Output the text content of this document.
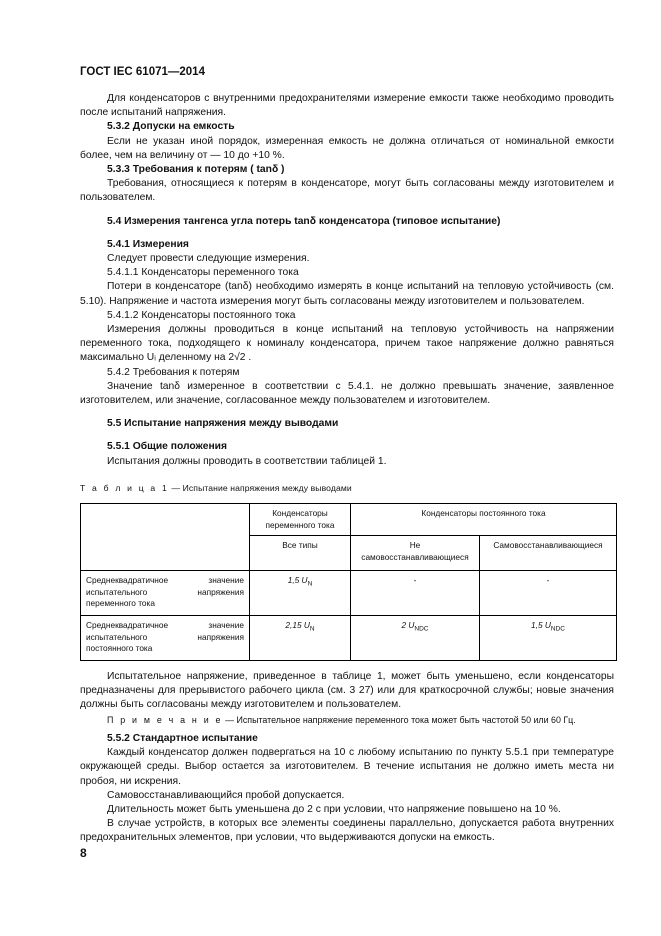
ГОСТ IEC 61071—2014

Для конденсаторов с внутренними предохранителями измерение емкости также необходимо проводить после испытаний напряжения.

5.3.2 Допуски на емкость

Если не указан иной порядок, измеренная емкость не должна отличаться от номинальной емкости более, чем на величину от — 10 до +10 %.

5.3.3 Требования к потерям ( tanδ )

Требования, относящиеся к потерям в конденсаторе, могут быть согласованы между изготовителем и пользователем.

5.4 Измерения тангенса угла потерь tanδ конденсатора (типовое испытание)

5.4.1 Измерения

Следует провести следующие измерения.

5.4.1.1 Конденсаторы переменного тока

Потери в конденсаторе (tanδ) необходимо измерять в конце испытаний на тепловую устойчивость (см. 5.10). Напряжение и частота измерения могут быть согласованы между изготовителем и пользователем.

5.4.1.2 Конденсаторы постоянного тока

Измерения должны проводиться в конце испытаний на тепловую устойчивость на напряжении переменного тока, подходящего к номиналу конденсатора, причем такое напряжение должно равняться максимально Uᵢ деленному на 2√2 .

5.4.2 Требования к потерям

Значение tanδ измеренное в соответствии с 5.4.1. не должно превышать значение, заявленное изготовителем, или значение, согласованное между пользователем и изготовителем.

5.5 Испытание напряжения между выводами

5.5.1 Общие положения

Испытания должны проводить в соответствии таблицей 1.

Т а б л и ц а 1 — Испытание напряжения между выводами

	Конденсаторы переменного тока	Конденсаторы постоянного тока	
	Все типы	Не самовосстанавливающиеся	Самовосстанавливающиеся
Среднеквадратичное значение испытательного напряжения переменного тока	1,5 $U_N$	-	-
Среднеквадратичное значение испытательного напряжения постоянного тока	2,15 $U_N$	2 $U_{NDC}$	1,5 $U_{NDC}$

Испытательное напряжение, приведенное в таблице 1, может быть уменьшено, если конденсаторы предназначены для прерывистого рабочего цикла (см. 3 27) или для краткосрочной службы; новые значения должны быть согласованы между изготовителем и пользователем.

П р и м е ч а н и е — Испытательное напряжение переменного тока может быть частотой 50 или 60 Гц.

5.5.2 Стандартное испытание

Каждый конденсатор должен подвергаться на 10 с любому испытанию по пункту 5.5.1 при температуре окружающей среды. Выбор остается за изготовителем. В течение испытания не должно иметь места ни пробоя, ни искрения.

Самовосстанавливающийся пробой допускается.

Длительность может быть уменьшена до 2 с при условии, что напряжение повышено на 10 %.

В случае устройств, в которых все элементы соединены параллельно, допускается работа внутренних предохранительных элементов, при условии, что выдерживаются допуски на емкость.

8
